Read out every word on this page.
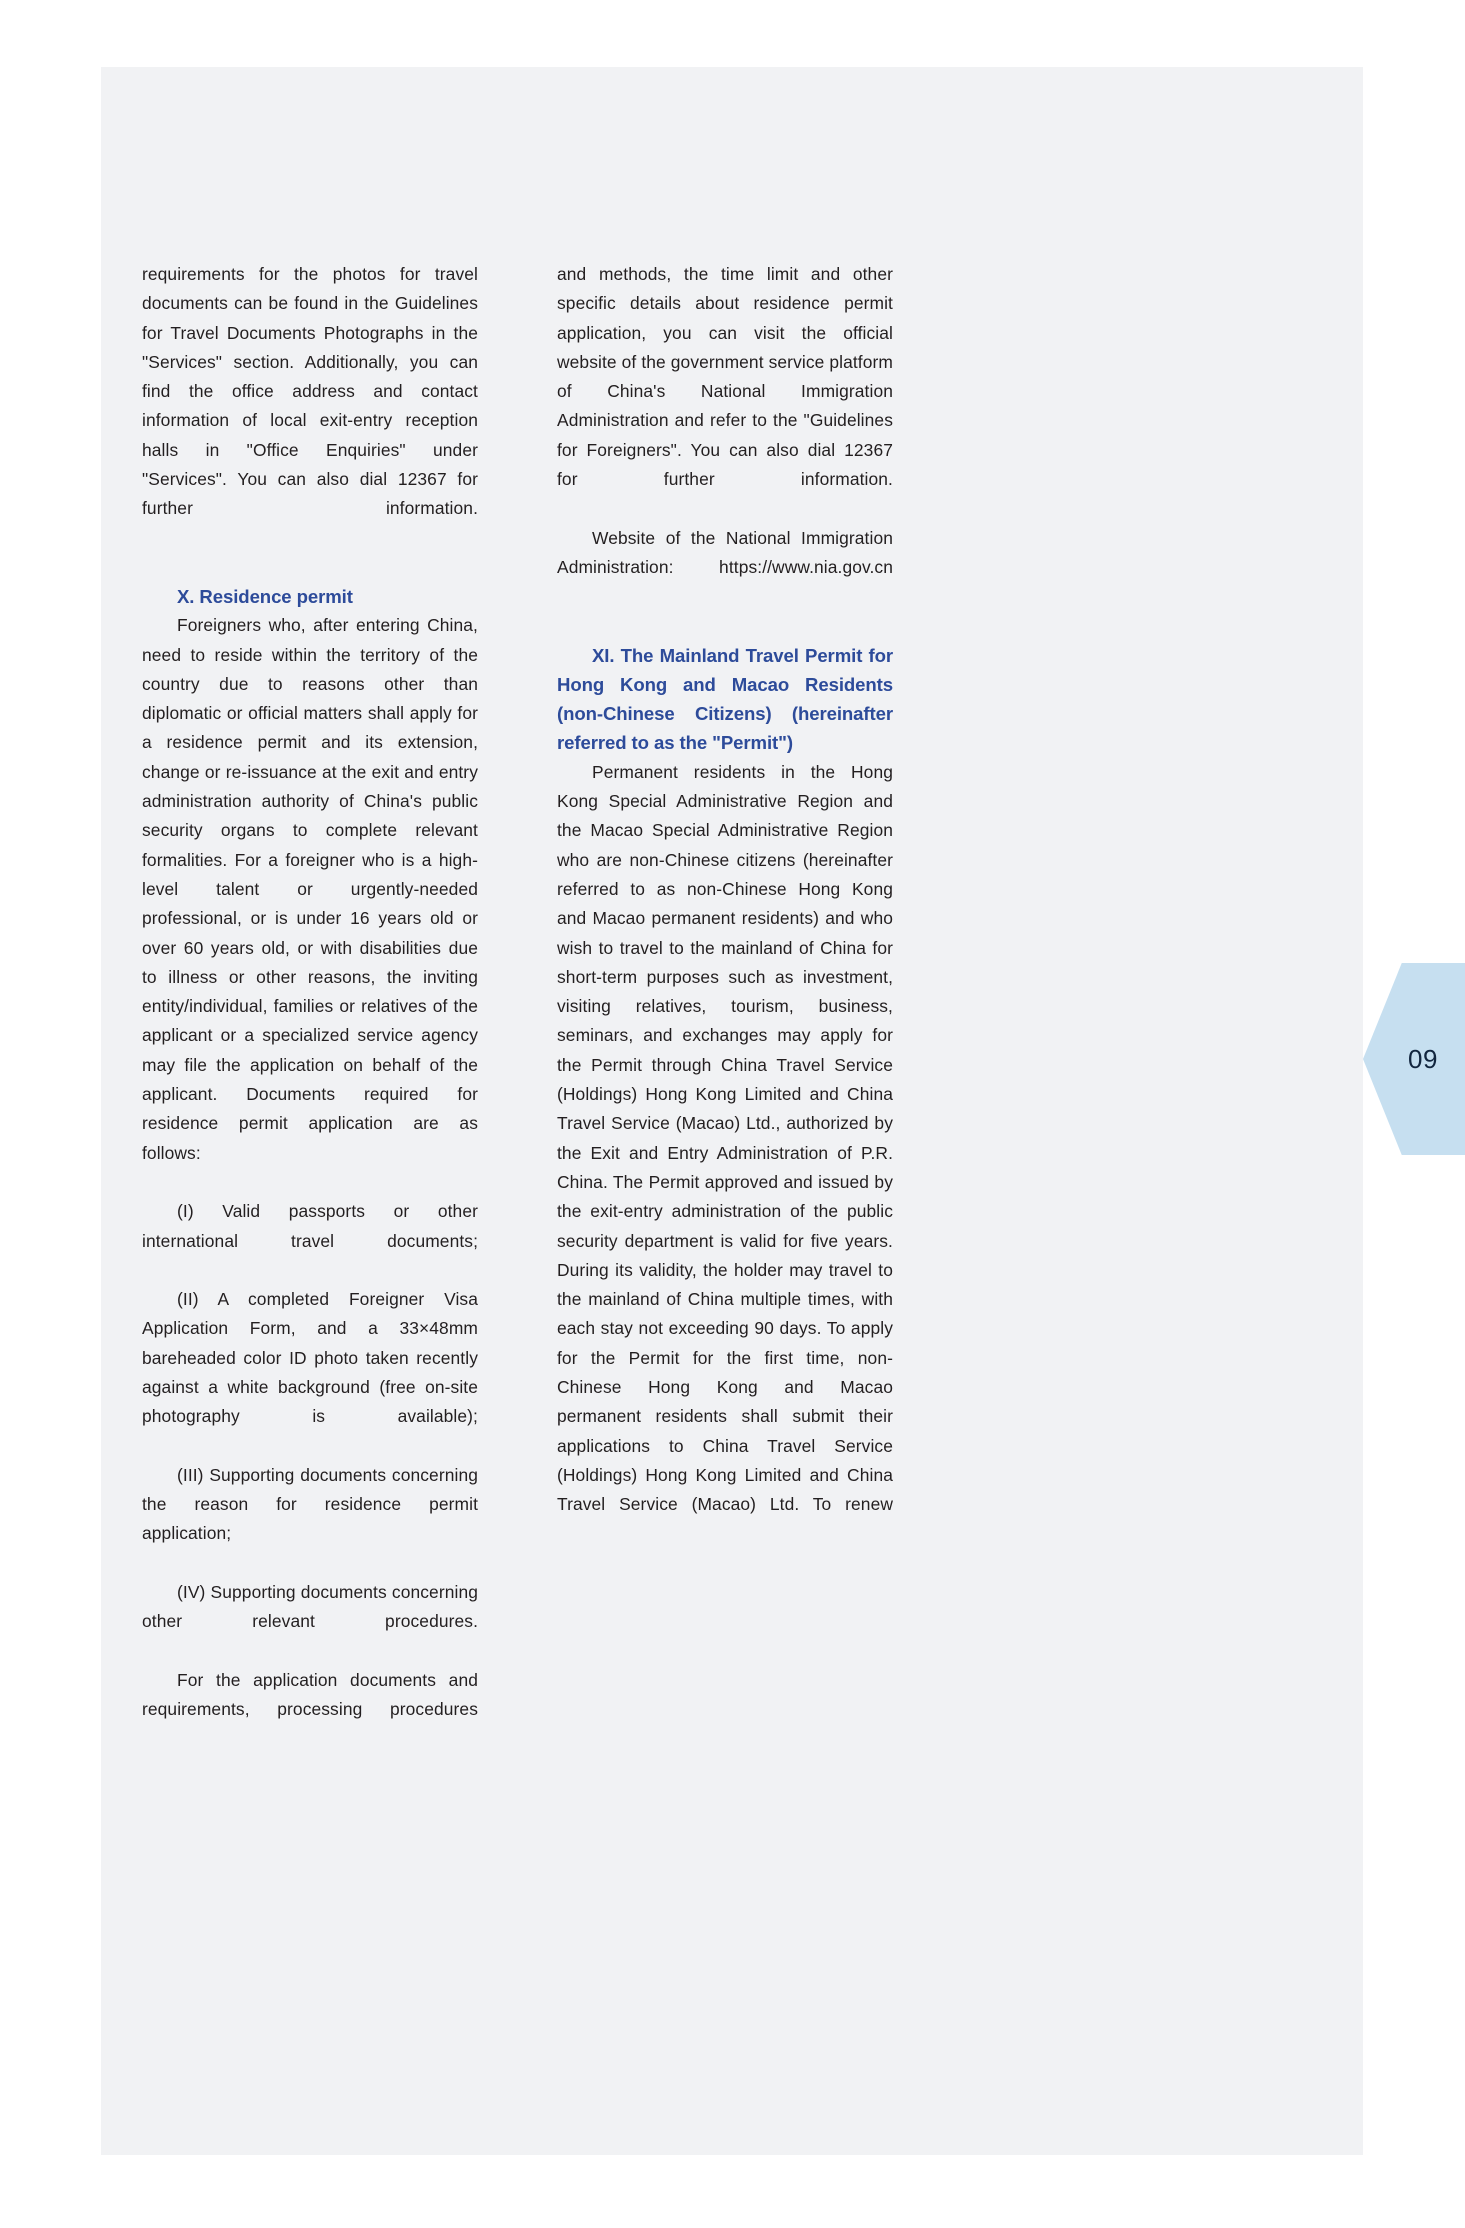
requirements for the photos for travel documents can be found in the Guidelines for Travel Documents Photographs in the "Services" section. Additionally, you can find the office address and contact information of local exit-entry reception halls in "Office Enquiries" under "Services". You can also dial 12367 for further information.

X. Residence permit

Foreigners who, after entering China, need to reside within the territory of the country due to reasons other than diplomatic or official matters shall apply for a residence permit and its extension, change or re-issuance at the exit and entry administration authority of China's public security organs to complete relevant formalities. For a foreigner who is a high-level talent or urgently-needed professional, or is under 16 years old or over 60 years old, or with disabilities due to illness or other reasons, the inviting entity/individual, families or relatives of the applicant or a specialized service agency may file the application on behalf of the applicant. Documents required for residence permit application are as follows:

(I) Valid passports or other international travel documents;

(II) A completed Foreigner Visa Application Form, and a 33×48mm bareheaded color ID photo taken recently against a white background (free on-site photography is available);

(III) Supporting documents concerning the reason for residence permit application;

(IV) Supporting documents concerning other relevant procedures.

For the application documents and requirements, processing procedures

and methods, the time limit and other specific details about residence permit application, you can visit the official website of the government service platform of China's National Immigration Administration and refer to the "Guidelines for Foreigners". You can also dial 12367 for further information.

Website of the National Immigration Administration: https://www.nia.gov.cn

XI. The Mainland Travel Permit for Hong Kong and Macao Residents (non-Chinese Citizens) (hereinafter referred to as the "Permit")

Permanent residents in the Hong Kong Special Administrative Region and the Macao Special Administrative Region who are non-Chinese citizens (hereinafter referred to as non-Chinese Hong Kong and Macao permanent residents) and who wish to travel to the mainland of China for short-term purposes such as investment, visiting relatives, tourism, business, seminars, and exchanges may apply for the Permit through China Travel Service (Holdings) Hong Kong Limited and China Travel Service (Macao) Ltd., authorized by the Exit and Entry Administration of P.R. China. The Permit approved and issued by the exit-entry administration of the public security department is valid for five years. During its validity, the holder may travel to the mainland of China multiple times, with each stay not exceeding 90 days. To apply for the Permit for the first time, non-Chinese Hong Kong and Macao permanent residents shall submit their applications to China Travel Service (Holdings) Hong Kong Limited and China Travel Service (Macao) Ltd. To renew

09
